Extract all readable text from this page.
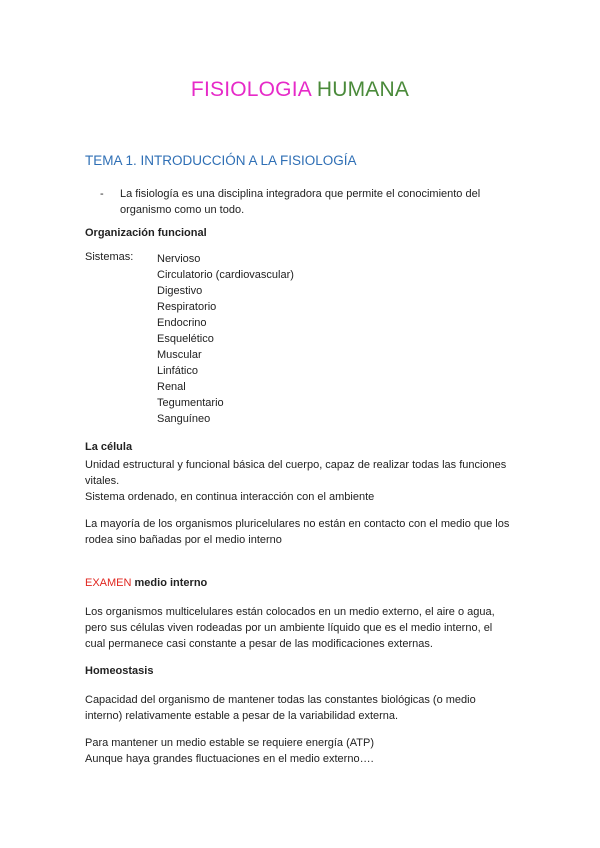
FISIOLOGIA HUMANA
TEMA 1. INTRODUCCIÓN A LA FISIOLOGÍA
- La fisiología es una disciplina integradora que permite el conocimiento del organismo como un todo.
Organización funcional
Sistemas: Nervioso
Circulatorio (cardiovascular)
Digestivo
Respiratorio
Endocrino
Esquelético
Muscular
Linfático
Renal
Tegumentario
Sanguíneo
La célula
Unidad estructural y funcional básica del cuerpo, capaz de realizar todas las funciones vitales.
Sistema ordenado, en continua interacción con el ambiente
La mayoría de los organismos pluricelulares no están en contacto con el medio que los rodea sino bañadas por el medio interno
EXAMEN medio interno
Los organismos multicelulares están colocados en un medio externo, el aire o agua, pero sus células viven rodeadas por un ambiente líquido que es el medio interno, el cual permanece casi constante a pesar de las modificaciones externas.
Homeostasis
Capacidad del organismo de mantener todas las constantes biológicas (o medio interno) relativamente estable a pesar de la variabilidad externa.
Para mantener un medio estable se requiere energía (ATP)
Aunque haya grandes fluctuaciones en el medio externo….
